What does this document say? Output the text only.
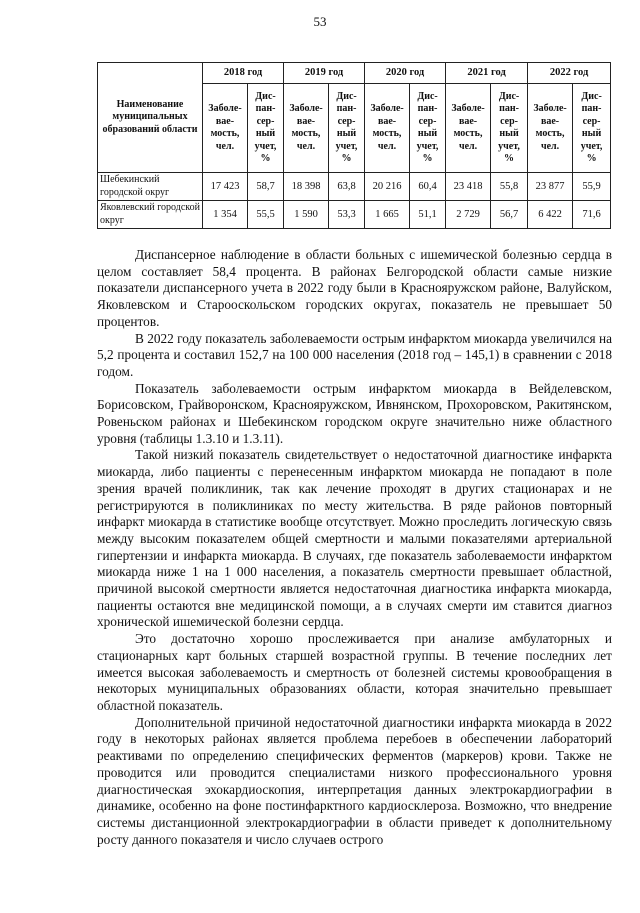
53
Наименование муниципальных образований области	2018 год		2019 год		2020 год		2021 год		2022 год	
	Заболе-вае-мость, чел.	Дис-пан-сер-ный учет, %	Заболе-вае-мость, чел.	Дис-пан-сер-ный учет, %	Заболе-вае-мость, чел.	Дис-пан-сер-ный учет, %	Заболе-вае-мость, чел.	Дис-пан-сер-ный учет, %	Заболе-вае-мость, чел.	Дис-пан-сер-ный учет, %
Шебекинский городской округ	17 423	58,7	18 398	63,8	20 216	60,4	23 418	55,8	23 877	55,9
Яковлевский городской округ	1 354	55,5	1 590	53,3	1 665	51,1	2 729	56,7	6 422	71,6

Диспансерное наблюдение в области больных с ишемической болезнью сердца в целом составляет 58,4 процента. В районах Белгородской области самые низкие показатели диспансерного учета в 2022 году были в Краснояружском районе, Валуйском, Яковлевском и Старооскольском городских округах, показатель не превышает 50 процентов.

В 2022 году показатель заболеваемости острым инфарктом миокарда увеличился на 5,2 процента и составил 152,7 на 100 000 населения (2018 год – 145,1) в сравнении с 2018 годом.

Показатель заболеваемости острым инфарктом миокарда в Вейделевском, Борисовском, Грайворонском, Краснояружском, Ивнянском, Прохоровском, Ракитянском, Ровеньском районах и Шебекинском городском округе значительно ниже областного уровня (таблицы 1.3.10 и 1.3.11).

Такой низкий показатель свидетельствует о недостаточной диагностике инфаркта миокарда, либо пациенты с перенесенным инфарктом миокарда не попадают в поле зрения врачей поликлиник, так как лечение проходят в других стационарах и не регистрируются в поликлиниках по месту жительства. В ряде районов повторный инфаркт миокарда в статистике вообще отсутствует. Можно проследить логическую связь между высоким показателем общей смертности и малыми показателями артериальной гипертензии и инфаркта миокарда. В случаях, где показатель заболеваемости инфарктом миокарда ниже 1 на 1 000 населения, а показатель смертности превышает областной, причиной высокой смертности является недостаточная диагностика инфаркта миокарда, пациенты остаются вне медицинской помощи, а в случаях смерти им ставится диагноз хронической ишемической болезни сердца.

Это достаточно хорошо прослеживается при анализе амбулаторных и стационарных карт больных старшей возрастной группы. В течение последних лет имеется высокая заболеваемость и смертность от болезней системы кровообращения в некоторых муниципальных образованиях области, которая значительно превышает областной показатель.

Дополнительной причиной недостаточной диагностики инфаркта миокарда в 2022 году в некоторых районах является проблема перебоев в обеспечении лабораторий реактивами по определению специфических ферментов (маркеров) крови. Также не проводится или проводится специалистами низкого профессионального уровня диагностическая эхокардиоскопия, интерпретация данных электрокардиографии в динамике, особенно на фоне постинфарктного кардиосклероза. Возможно, что внедрение системы дистанционной электрокардиографии в области приведет к дополнительному росту данного показателя и число случаев острого
